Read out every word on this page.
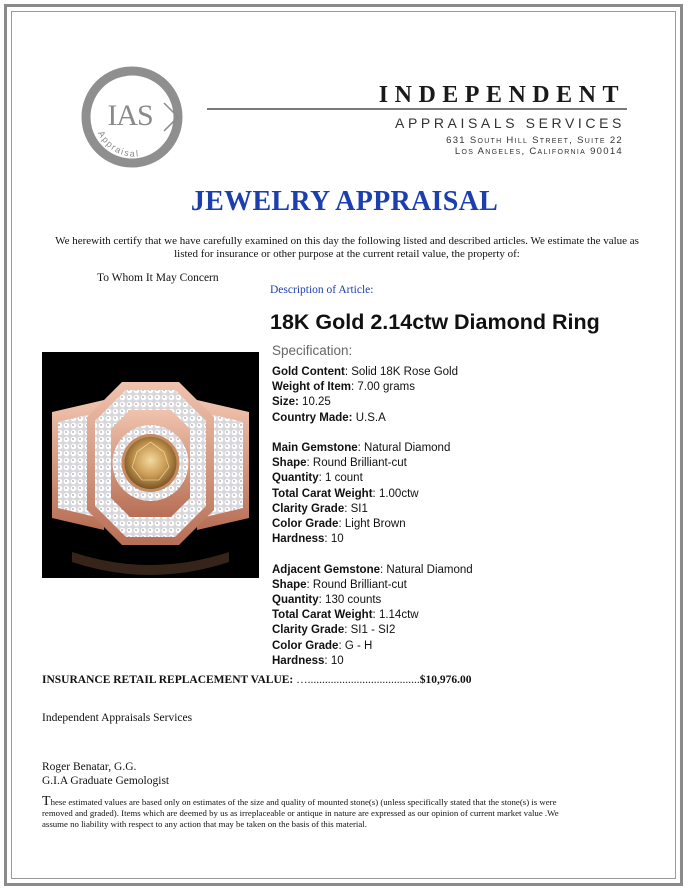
IAS
Appraisal
INDEPENDENT
APPRAISALS SERVICES
631 South Hill Street, Suite 22
Los Angeles, California 90014
JEWELRY APPRAISAL
We herewith certify that we have carefully examined on this day the following listed and described articles. We estimate the value as listed for insurance or other purpose at the current retail value, the property of:
To Whom It May Concern
Description of Article:
18K Gold 2.14ctw Diamond Ring
Specification:
Gold Content: Solid 18K Rose Gold
Weight of Item: 7.00 grams
Size: 10.25
Country Made: U.S.A
Main Gemstone: Natural Diamond
Shape: Round Brilliant-cut
Quantity: 1 count
Total Carat Weight: 1.00ctw
Clarity Grade: SI1
Color Grade: Light Brown
Hardness: 10
Adjacent Gemstone: Natural Diamond
Shape: Round Brilliant-cut
Quantity: 130 counts
Total Carat Weight: 1.14ctw
Clarity Grade: SI1 - SI2
Color Grade: G - H
Hardness: 10
INSURANCE RETAIL REPLACEMENT VALUE: ….......................................$10,976.00
Independent Appraisals Services
Roger Benatar, G.G.
G.I.A Graduate Gemologist
These estimated values are based only on estimates of the size and quality of mounted stone(s) (unless specifically stated that the stone(s) is were removed and graded). Items which are deemed by us as irreplaceable or antique in nature are expressed as our opinion of current market value .We assume no liability with respect to any action that may be taken on the basis of this material.
